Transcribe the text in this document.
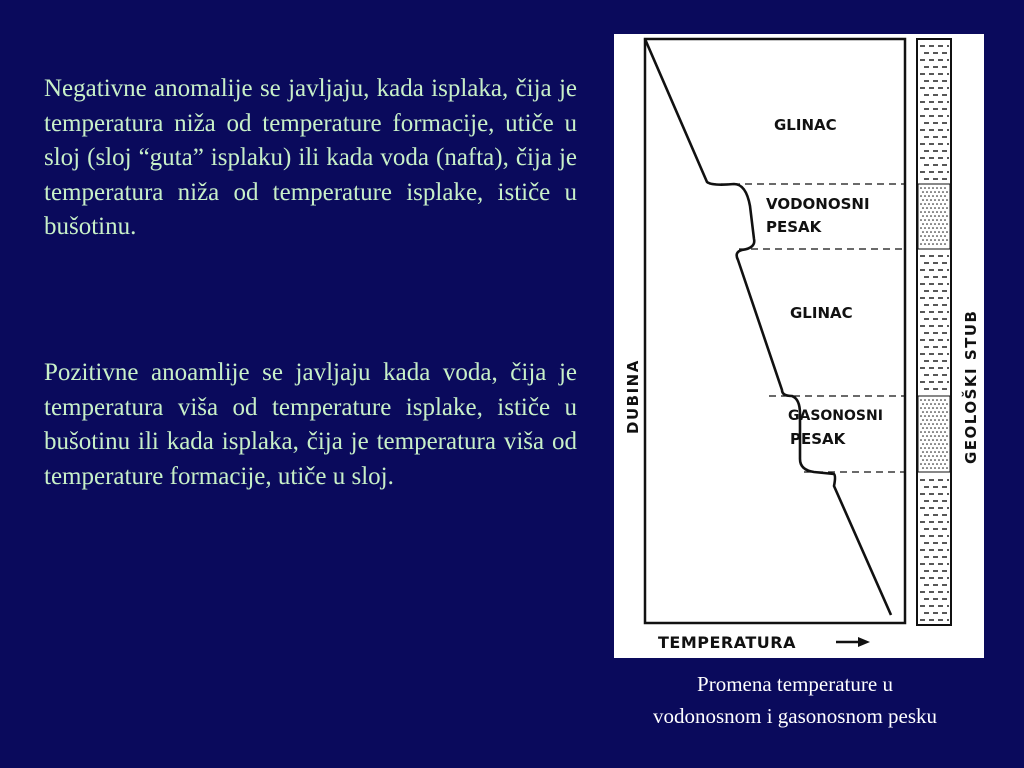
Negativne anomalije se javljaju, kada isplaka, čija je temperatura niža od temperature formacije, utiče u sloj (sloj “guta” isplaku) ili kada voda (nafta), čija je temperatura niža od temperature isplake, ističe u bušotinu.

Pozitivne anoamlije se javljaju kada voda, čija je temperatura viša od temperature isplake, ističe u bušotinu ili kada isplaka, čija je temperatura viša od temperature formacije, utiče u sloj.

GLINAC
VODONOSNI
PESAK
GLINAC
GASONOSNI
PESAK
DUBINA
TEMPERATURA
GEOLOŠKI STUB
Promena temperature u
vodonosnom i gasonosnom pesku
